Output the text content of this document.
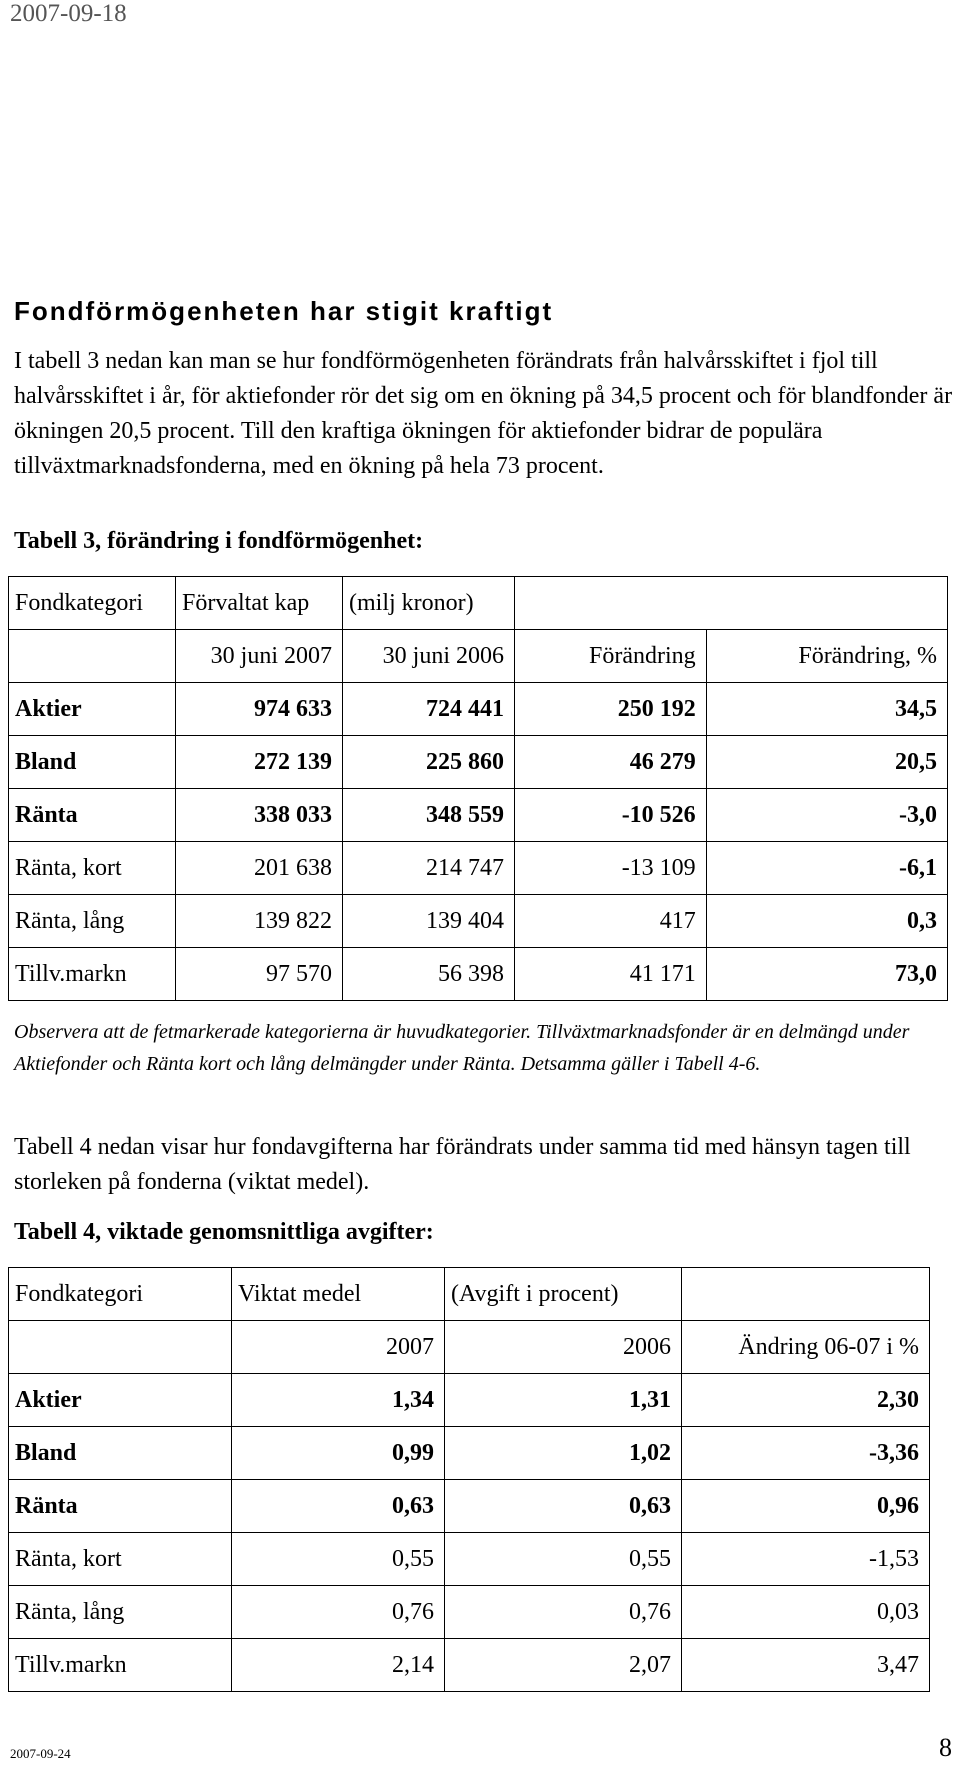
2007-09-18
Fondförmögenheten har stigit kraftigt
I tabell 3 nedan kan man se hur fondförmögenheten förändrats från halvårsskiftet i fjol till halvårsskiftet i år, för aktiefonder rör det sig om en ökning på 34,5 procent och för blandfonder är ökningen 20,5 procent. Till den kraftiga ökningen för aktiefonder bidrar de populära tillväxtmarknadsfonderna, med en ökning på hela 73 procent.
Tabell 3, förändring i fondförmögenhet:
Fondkategori	Förvaltat kap	(milj kronor)		
	30 juni 2007	30 juni 2006	Förändring	Förändring, %
Aktier	974 633	724 441	250 192	34,5
Bland	272 139	225 860	46 279	20,5
Ränta	338 033	348 559	-10 526	-3,0
Ränta, kort	201 638	214 747	-13 109	-6,1
Ränta, lång	139 822	139 404	417	0,3
Tillv.markn	97 570	56 398	41 171	73,0
Observera att de fetmarkerade kategorierna är huvudkategorier. Tillväxtmarknadsfonder är en delmängd under Aktiefonder och Ränta kort och lång delmängder under Ränta. Detsamma gäller i Tabell 4-6.
Tabell 4 nedan visar hur fondavgifterna har förändrats under samma tid med hänsyn tagen till storleken på fonderna (viktat medel).
Tabell 4, viktade genomsnittliga avgifter:
Fondkategori	Viktat medel	(Avgift i procent)	
	2007	2006	Ändring 06-07 i %
Aktier	1,34	1,31	2,30
Bland	0,99	1,02	-3,36
Ränta	0,63	0,63	0,96
Ränta, kort	0,55	0,55	-1,53
Ränta, lång	0,76	0,76	0,03
Tillv.markn	2,14	2,07	3,47
2007-09-24	8
